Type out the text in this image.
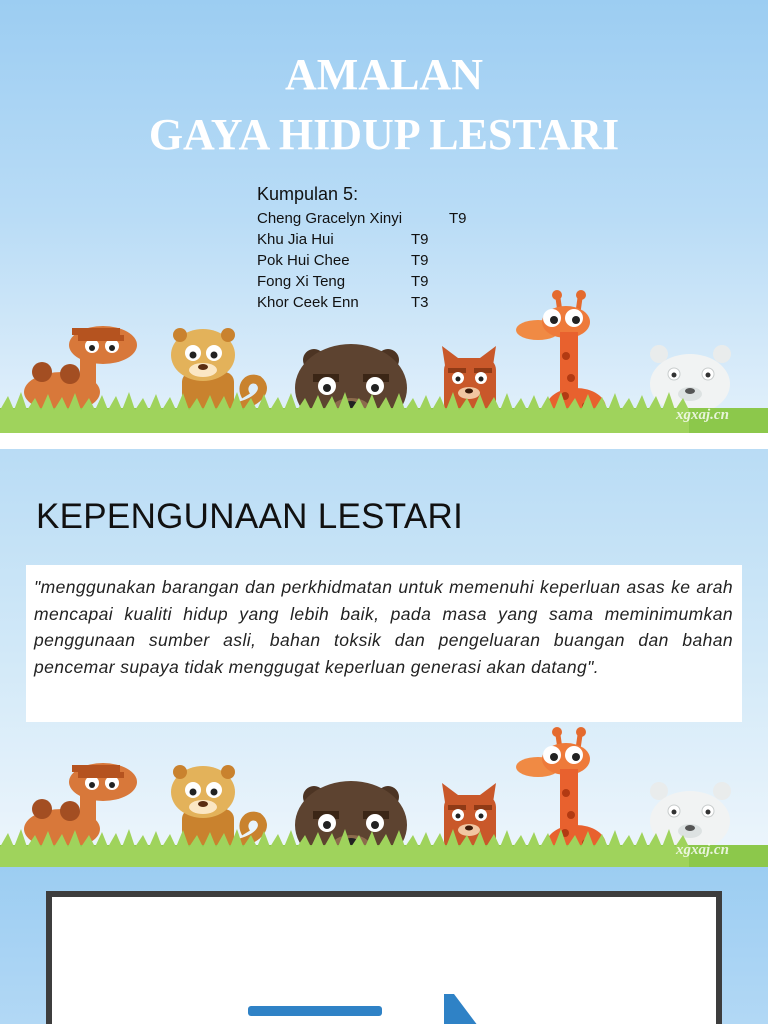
AMALAN
GAYA HIDUP LESTARI
Kumpulan 5:
Cheng Gracelyn Xinyi	T9
Khu Jia Hui	T9
Pok Hui Chee	T9
Fong Xi Teng	T9
Khor Ceek Enn	T3
xgxaj.cn
KEPENGUNAAN LESTARI

"menggunakan barangan dan perkhidmatan untuk memenuhi keperluan asas ke arah mencapai kualiti hidup yang lebih baik, pada masa yang sama meminimumkan penggunaan sumber asli, bahan toksik dan pengeluaran buangan dan bahan pencemar supaya tidak menggugat keperluan generasi akan datang".

xgxaj.cn
